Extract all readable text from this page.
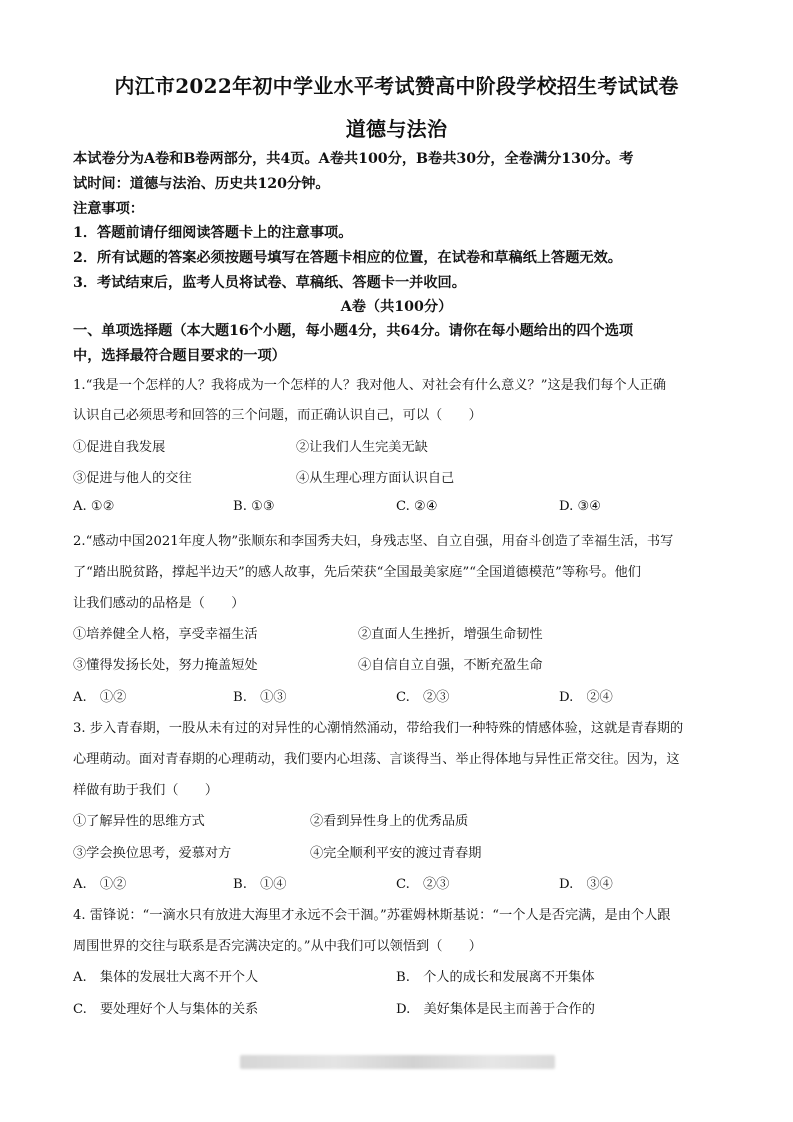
内江市2022年初中学业水平考试赞高中阶段学校招生考试试卷
道德与法治
本试卷分为A卷和B卷两部分，共4页。A卷共100分，B卷共30分，全卷满分130分。考
试时间：道德与法治、历史共120分钟。
注意事项：
1．答题前请仔细阅读答题卡上的注意事项。
2．所有试题的答案必须按题号填写在答题卡相应的位置，在试卷和草稿纸上答题无效。
3．考试结束后，监考人员将试卷、草稿纸、答题卡一并收回。
A卷（共100分）
一、单项选择题（本大题16个小题，每小题4分，共64分。请你在每小题给出的四个选项
中，选择最符合题目要求的一项）
1.“我是一个怎样的人？我将成为一个怎样的人？我对他人、对社会有什么意义？”这是我们每个人正确
认识自己必须思考和回答的三个问题，而正确认识自己，可以（　　）
①促进自我发展	②让我们人生完美无缺
③促进与他人的交往	④从生理心理方面认识自己
A. ①②	B. ①③	C. ②④	D. ③④
2.“感动中国2021年度人物”张顺东和李国秀夫妇，身残志坚、自立自强，用奋斗创造了幸福生活，书写
了“踏出脱贫路，撑起半边天”的感人故事，先后荣获“全国最美家庭”“全国道德模范”等称号。他们
让我们感动的品格是（　　）
①培养健全人格，享受幸福生活	②直面人生挫折，增强生命韧性
③懂得发扬长处，努力掩盖短处	④自信自立自强，不断充盈生命
A.　①②	B.　①③	C.　②③	D.　②④
3. 步入青春期，一股从未有过的对异性的心潮悄然涌动，带给我们一种特殊的情感体验，这就是青春期的
心理萌动。面对青春期的心理萌动，我们要内心坦荡、言谈得当、举止得体地与异性正常交往。因为，这
样做有助于我们（　　）
①了解异性的思维方式	②看到异性身上的优秀品质
③学会换位思考，爱慕对方	④完全顺利平安的渡过青春期
A.　①②	B.　①④	C.　②③	D.　③④
4. 雷锋说：“一滴水只有放进大海里才永远不会干涸。”苏霍姆林斯基说：“一个人是否完满，是由个人跟
周围世界的交往与联系是否完满决定的。”从中我们可以领悟到（　　）
A.　集体的发展壮大离不开个人	B.　个人的成长和发展离不开集体
C.　要处理好个人与集体的关系	D.　美好集体是民主而善于合作的
